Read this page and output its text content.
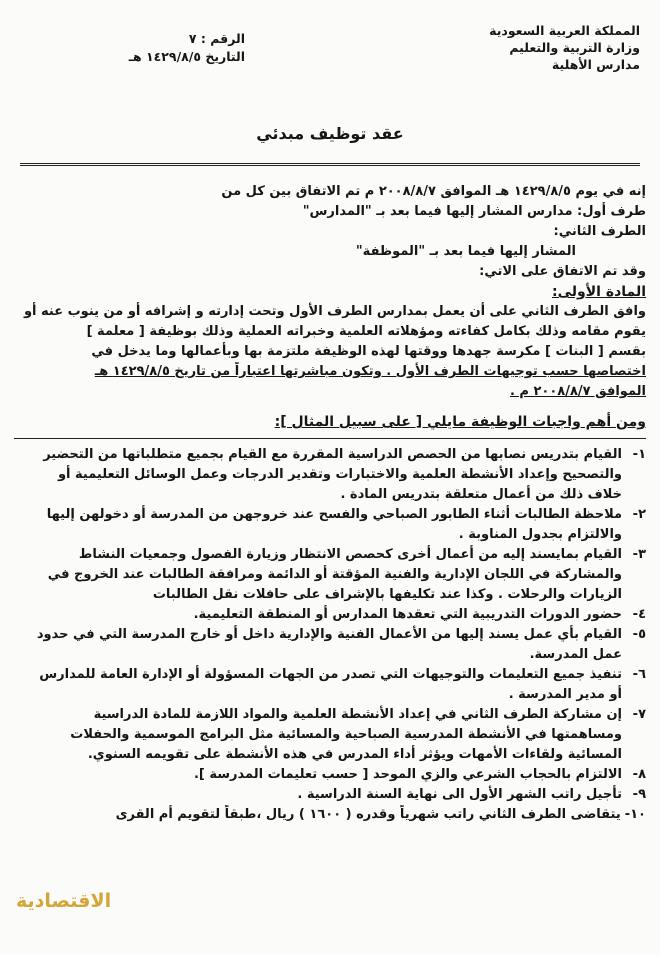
المملكة العربية السعودية
وزارة التربية والتعليم
مدارس الأهلية
الرقم : ٧
التاريخ ١٤٢٩/٨/٥ هـ
عقد توظيف مبدئي
إنه في يوم ١٤٢٩/٨/٥ هـ الموافق ٢٠٠٨/٨/٧ م تم الاتفاق بين كل من
طرف أول: مدارس المشار إليها فيما بعد بـ "المدارس"
الطرف الثاني:
المشار إليها فيما بعد بـ "الموظفة"
وقد تم الاتفاق على الاتي:
المادة الأولى:
وافق الطرف الثاني على أن يعمل بمدارس الطرف الأول وتحت إدارته و إشرافه أو من ينوب عنه أو
يقوم مقامه وذلك بكامل كفاءته ومؤهلاته العلمية وخبراته العملية وذلك بوظيفة [ معلمة ]
بقسم [ البنات ] مكرسة جهدها ووقتها لهذه الوظيفة ملتزمة بها وبأعمالها وما يدخل في
اختصاصها حسب توجيهات الطرف الأول . وتكون مباشرتها اعتباراً من تاريخ ١٤٢٩/٨/٥ هـ
الموافق ٢٠٠٨/٨/٧ م .
ومن أهم واجبات الوظيفة مايلي [ على سبيل المثال ]:
١-
القيام بتدريس نصابها من الحصص الدراسية المقررة مع القيام بجميع متطلباتها من التحضير
والتصحيح وإعداد الأنشطة العلمية والاختبارات وتقدير الدرجات وعمل الوسائل التعليمية أو
خلاف ذلك من أعمال متعلقة بتدريس المادة .
٢-
ملاحظة الطالبات أثناء الطابور الصباحي والفسح عند خروجهن من المدرسة أو دخولهن إليها
والالتزام بجدول المناوبة .
٣-
القيام بمايسند إليه من أعمال أخرى كحصص الانتظار وزيارة الفصول وجمعيات النشاط
والمشاركة في اللجان الإدارية والفنية المؤقتة أو الدائمة ومرافقة الطالبات عند الخروج في
الزيارات والرحلات . وكذا عند تكليفها بالإشراف على حافلات نقل الطالبات
٤-
حضور الدورات التدريبية التي تعقدها المدارس أو المنطقة التعليمية.
٥-
القيام بأي عمل يسند إليها من الأعمال الفنية والإدارية داخل أو خارج المدرسة التي في حدود
عمل المدرسة.
٦-
تنفيذ جميع التعليمات والتوجيهات التي تصدر من الجهات المسؤولة أو الإدارة العامة للمدارس
أو مدير المدرسة .
٧-
إن مشاركة الطرف الثاني في إعداد الأنشطة العلمية والمواد اللازمة للمادة الدراسية
ومساهمتها في الأنشطة المدرسية الصباحية والمسائية مثل البرامج الموسمية والحفلات
المسائية ولقاءات الأمهات ويؤثر أداء المدرس في هذه الأنشطة على تقويمه السنوي.
٨-
الالتزام بالحجاب الشرعي والزي الموحد [ حسب تعليمات المدرسة ].
٩-
تأجيل راتب الشهر الأول الى نهاية السنة الدراسية .
١٠-
يتقاضى الطرف الثاني راتب شهرياً وقدره ( ١٦٠٠ ) ريال ،طبقاً لتقويم أم القرى
الاقتصادية
